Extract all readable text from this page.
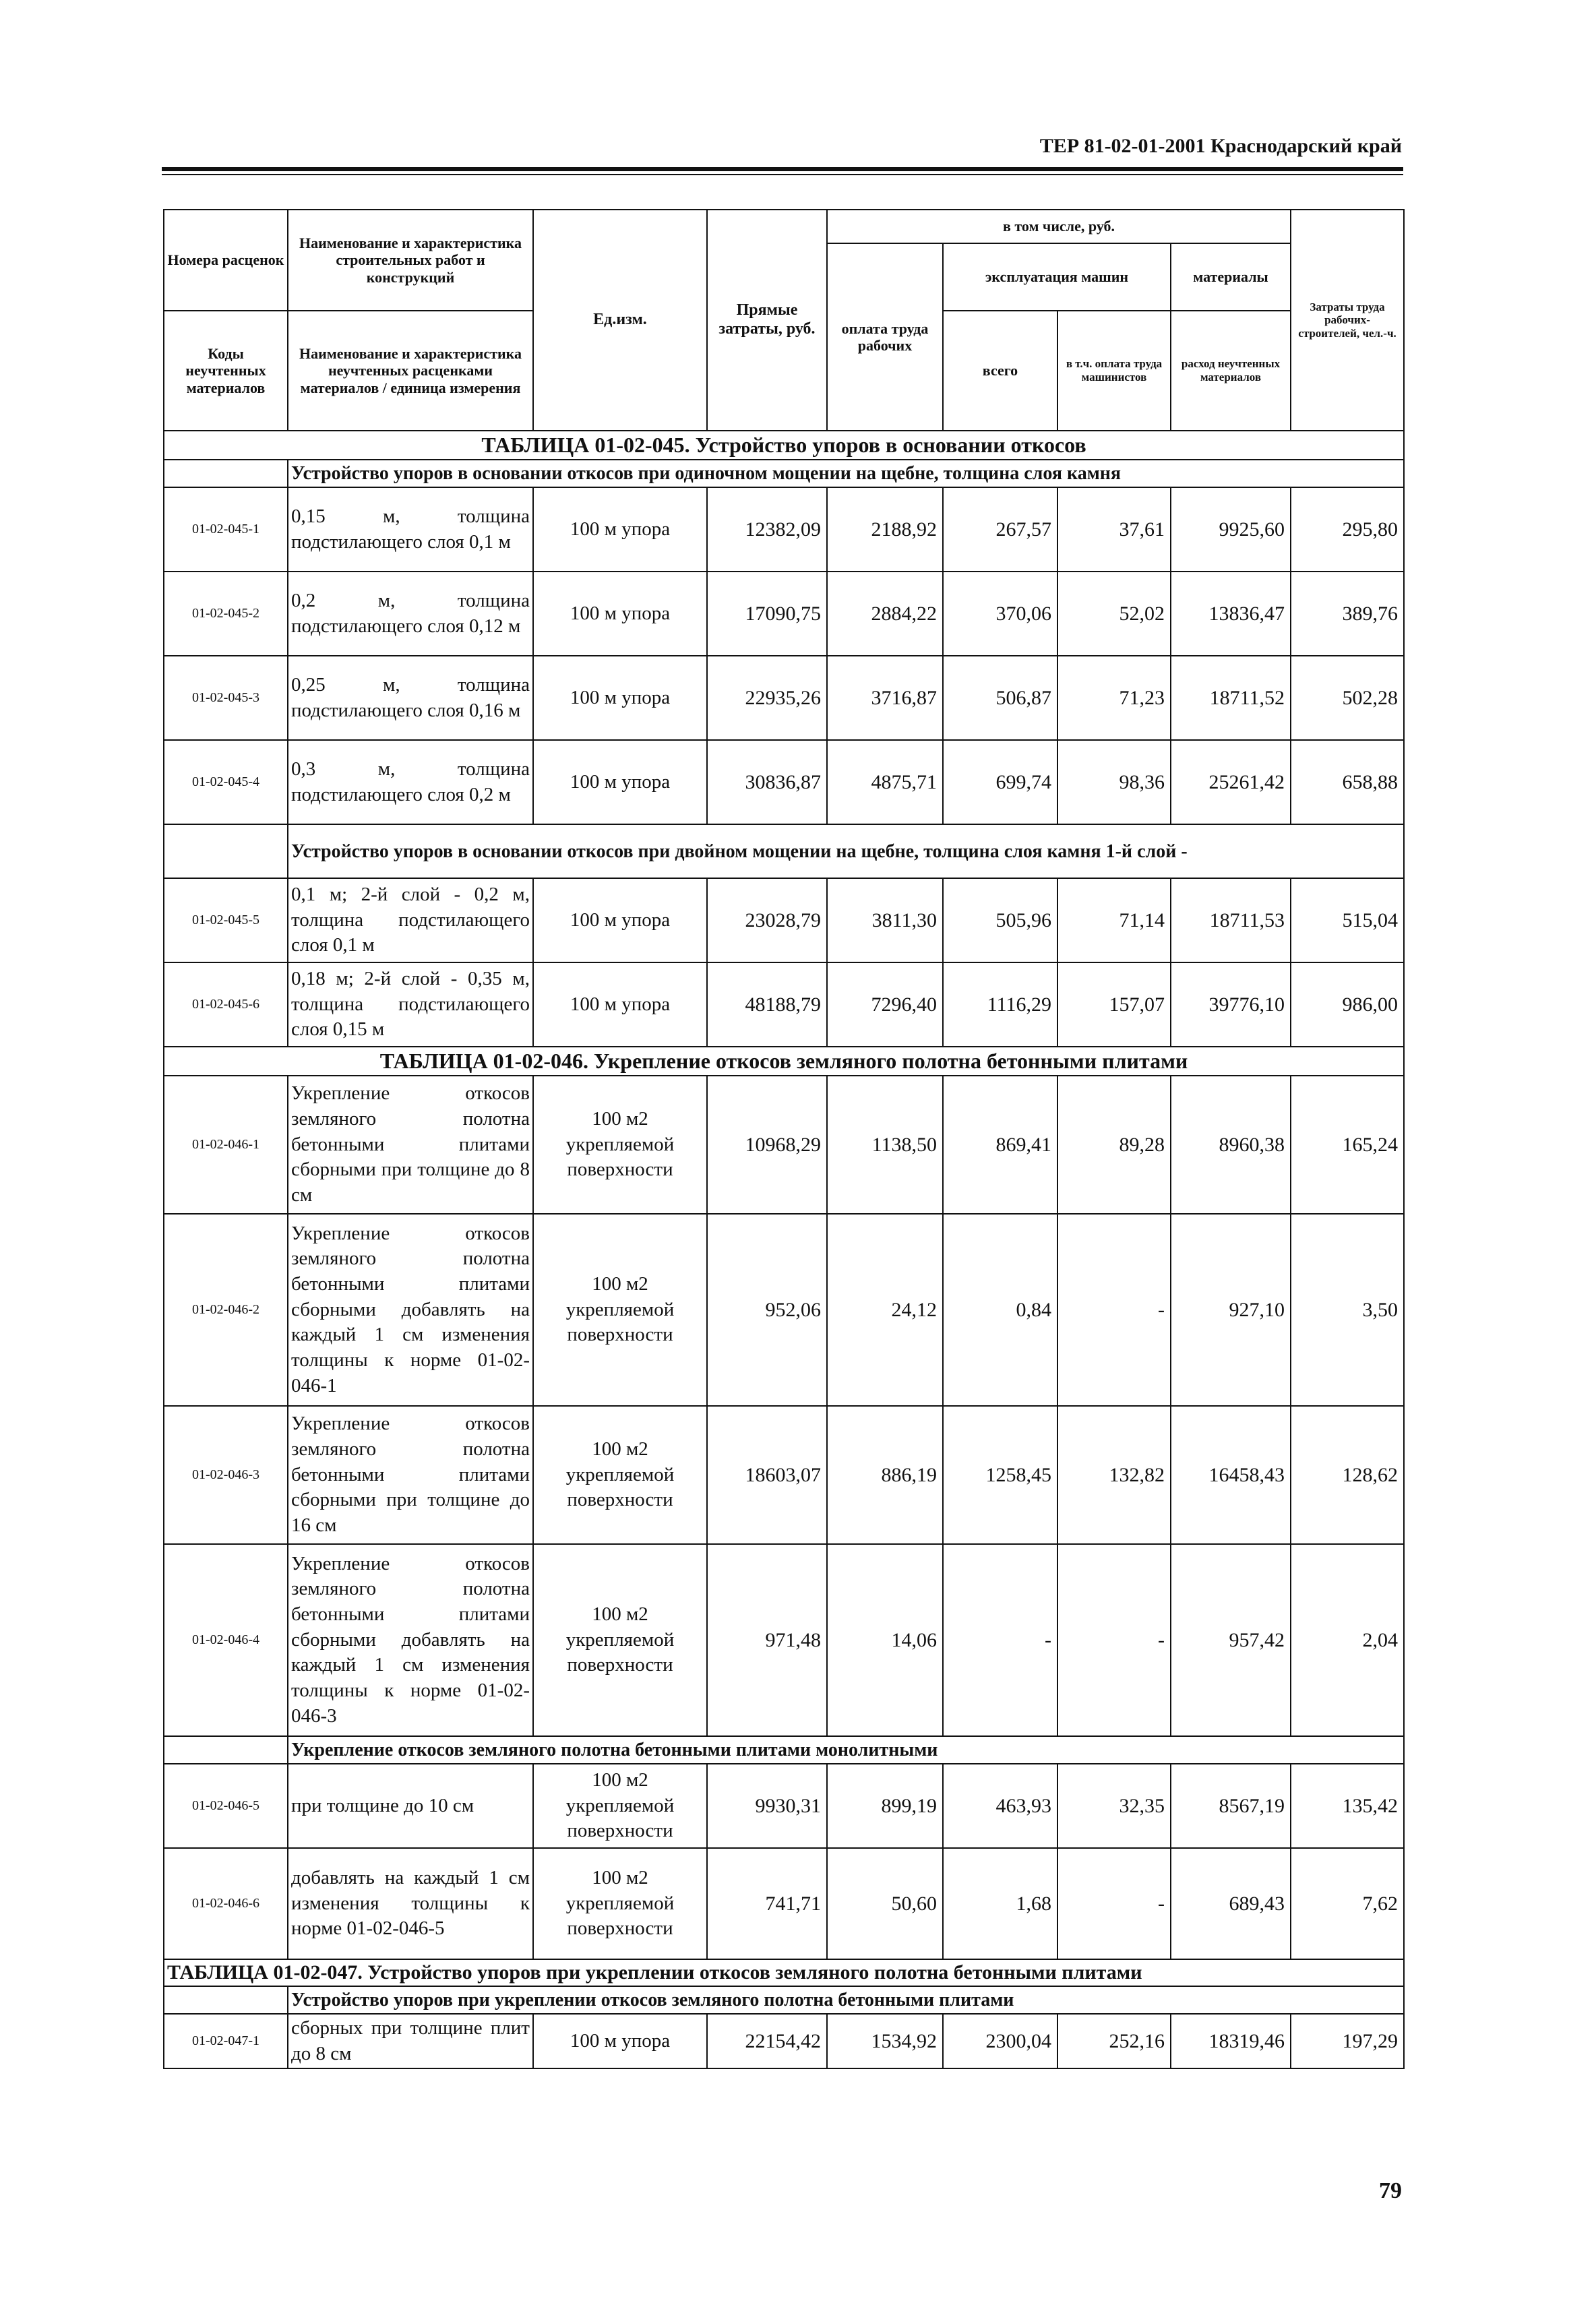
ТЕР 81-02-01-2001 Краснодарский край
Номера расценок	Наименование и характеристика строительных работ и конструкций	Ед.изм.	Прямые затраты, руб.	в том числе, руб.				Затраты труда рабочих-строителей, чел.-ч.
				оплата труда рабочих	эксплуатация машин		материалы	
Коды неучтенных материалов	Наименование и характеристика неучтенных расценками материалов / единица измерения				всего	в т.ч. оплата труда машинистов	расход неучтенных материалов	

ТАБЛИЦА 01-02-045. Устройство упоров в основании откосов								
	Устройство упоров в основании откосов при одиночном мощении на щебне, толщина слоя камня							
01-02-045-1	0,15 м, толщина подстилающего слоя 0,1 м	100 м упора	12382,09	2188,92	267,57	37,61	9925,60	295,80
01-02-045-2	0,2 м, толщина подстилающего слоя 0,12 м	100 м упора	17090,75	2884,22	370,06	52,02	13836,47	389,76
01-02-045-3	0,25 м, толщина подстилающего слоя 0,16 м	100 м упора	22935,26	3716,87	506,87	71,23	18711,52	502,28
01-02-045-4	0,3 м, толщина подстилающего слоя 0,2 м	100 м упора	30836,87	4875,71	699,74	98,36	25261,42	658,88
	Устройство упоров в основании откосов при двойном мощении на щебне, толщина слоя камня 1-й слой -							
01-02-045-5	0,1 м; 2-й слой - 0,2 м, толщина подстилающего слоя 0,1 м	100 м упора	23028,79	3811,30	505,96	71,14	18711,53	515,04
01-02-045-6	0,18 м; 2-й слой - 0,35 м, толщина подстилающего слоя 0,15 м	100 м упора	48188,79	7296,40	1116,29	157,07	39776,10	986,00
ТАБЛИЦА 01-02-046. Укрепление откосов земляного полотна бетонными плитами								
01-02-046-1	Укрепление откосов земляного полотна бетонными плитами сборными при толщине до 8 см	100 м2 укрепляемой поверхности	10968,29	1138,50	869,41	89,28	8960,38	165,24
01-02-046-2	Укрепление откосов земляного полотна бетонными плитами сборными добавлять на каждый 1 см изменения толщины к норме 01-02-046-1	100 м2 укрепляемой поверхности	952,06	24,12	0,84	-	927,10	3,50
01-02-046-3	Укрепление откосов земляного полотна бетонными плитами сборными при толщине до 16 см	100 м2 укрепляемой поверхности	18603,07	886,19	1258,45	132,82	16458,43	128,62
01-02-046-4	Укрепление откосов земляного полотна бетонными плитами сборными добавлять на каждый 1 см изменения толщины к норме 01-02-046-3	100 м2 укрепляемой поверхности	971,48	14,06	-	-	957,42	2,04
	Укрепление откосов земляного полотна бетонными плитами монолитными							
01-02-046-5	при толщине до 10 см	100 м2 укрепляемой поверхности	9930,31	899,19	463,93	32,35	8567,19	135,42
01-02-046-6	добавлять на каждый 1 см изменения толщины к норме 01-02-046-5	100 м2 укрепляемой поверхности	741,71	50,60	1,68	-	689,43	7,62
ТАБЛИЦА 01-02-047. Устройство упоров при укреплении откосов земляного полотна бетонными плитами								
	Устройство упоров при укреплении откосов земляного полотна бетонными плитами							
01-02-047-1	сборных при толщине плит до 8 см	100 м упора	22154,42	1534,92	2300,04	252,16	18319,46	197,29
79
